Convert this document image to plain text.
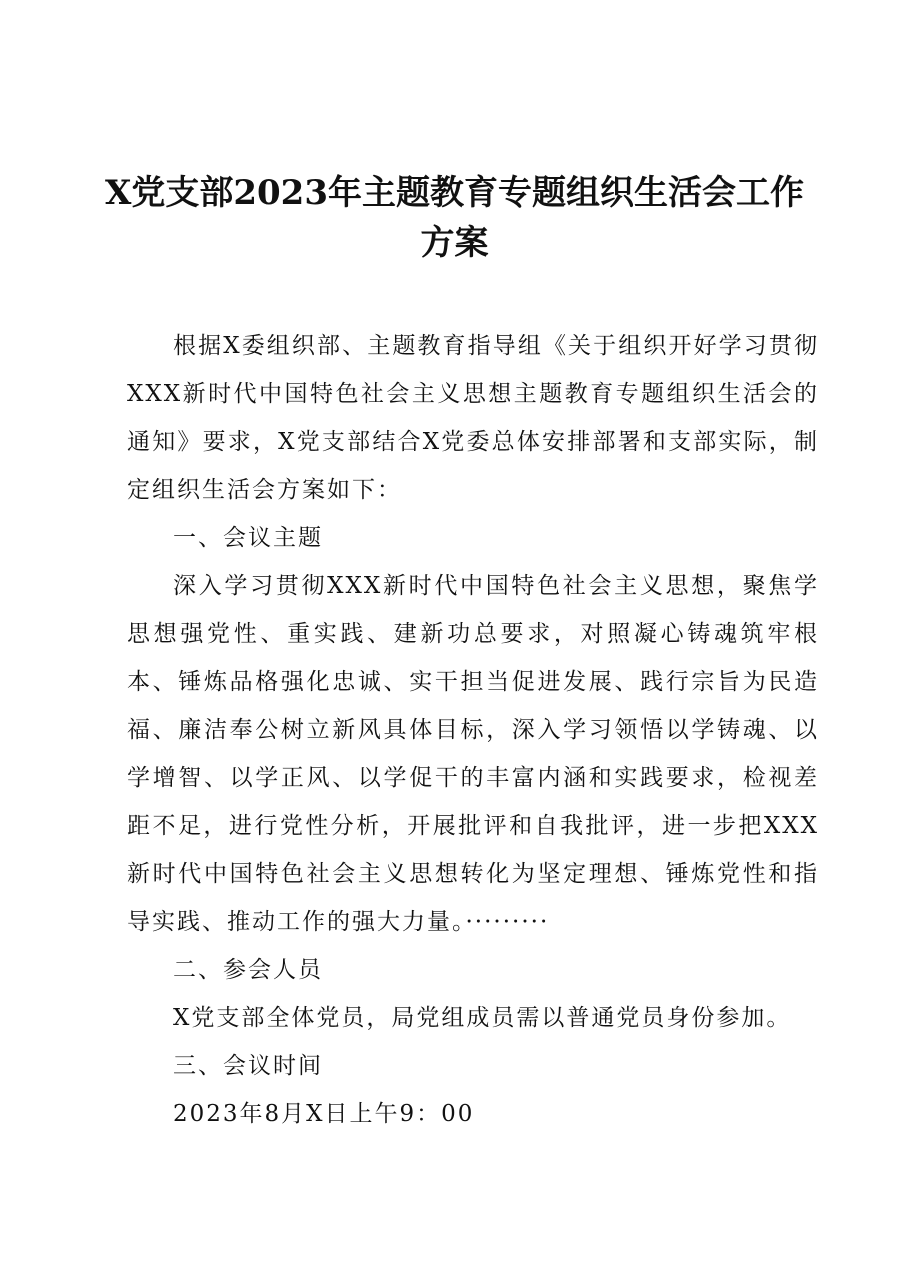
X党支部2023年主题教育专题组织生活会工作方案

根据X委组织部、主题教育指导组《关于组织开好学习贯彻XXX新时代中国特色社会主义思想主题教育专题组织生活会的通知》要求，X党支部结合X党委总体安排部署和支部实际，制定组织生活会方案如下：

一、会议主题

深入学习贯彻XXX新时代中国特色社会主义思想，聚焦学思想强党性、重实践、建新功总要求，对照凝心铸魂筑牢根本、锤炼品格强化忠诚、实干担当促进发展、践行宗旨为民造福、廉洁奉公树立新风具体目标，深入学习领悟以学铸魂、以学增智、以学正风、以学促干的丰富内涵和实践要求，检视差距不足，进行党性分析，开展批评和自我批评，进一步把XXX新时代中国特色社会主义思想转化为坚定理想、锤炼党性和指导实践、推动工作的强大力量。·········

二、参会人员

X党支部全体党员，局党组成员需以普通党员身份参加。

三、会议时间

2023年8月X日上午9：00
